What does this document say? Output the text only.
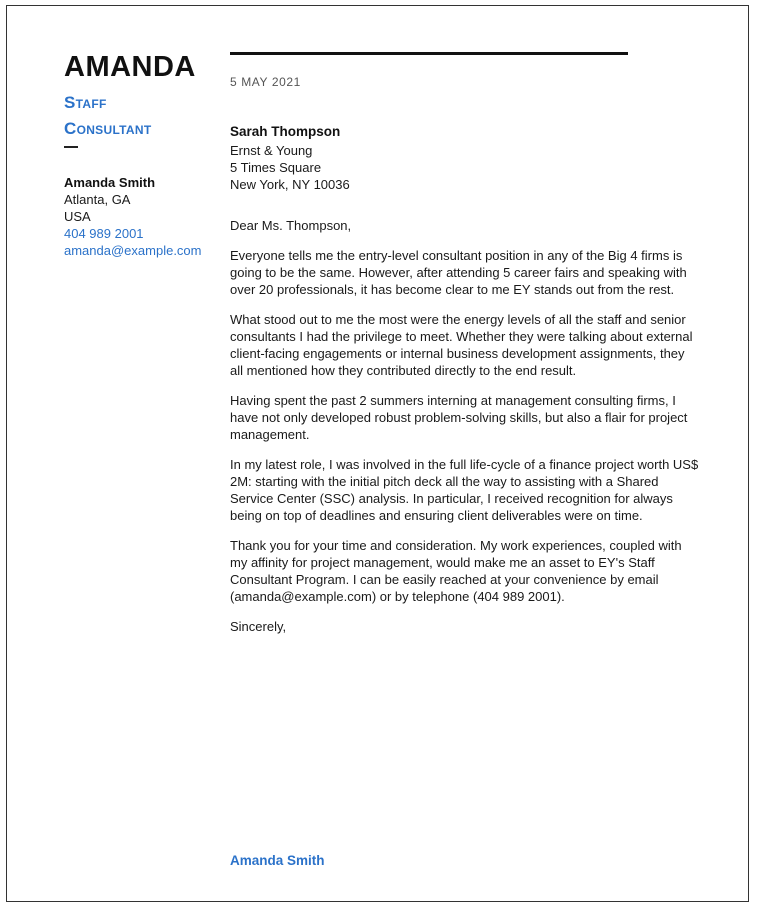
AMANDA
Staff
Consultant
Amanda Smith
Atlanta, GA
USA
404 989 2001
amanda@example.com
5 MAY 2021
Sarah Thompson
Ernst & Young
5 Times Square
New York, NY 10036

Dear Ms. Thompson,

Everyone tells me the entry-level consultant position in any of the Big 4 firms is going to be the same. However, after attending 5 career fairs and speaking with over 20 professionals, it has become clear to me EY stands out from the rest.

What stood out to me the most were the energy levels of all the staff and senior consultants I had the privilege to meet. Whether they were talking about external client-facing engagements or internal business development assignments, they all mentioned how they contributed directly to the end result.

Having spent the past 2 summers interning at management consulting firms, I have not only developed robust problem-solving skills, but also a flair for project management.

In my latest role, I was involved in the full life-cycle of a finance project worth US$ 2M: starting with the initial pitch deck all the way to assisting with a Shared Service Center (SSC) analysis. In particular, I received recognition for always being on top of deadlines and ensuring client deliverables were on time.

Thank you for your time and consideration. My work experiences, coupled with my affinity for project management, would make me an asset to EY's Staff Consultant Program. I can be easily reached at your convenience by email (amanda@example.com) or by telephone (404 989 2001).

Sincerely,

Amanda Smith
